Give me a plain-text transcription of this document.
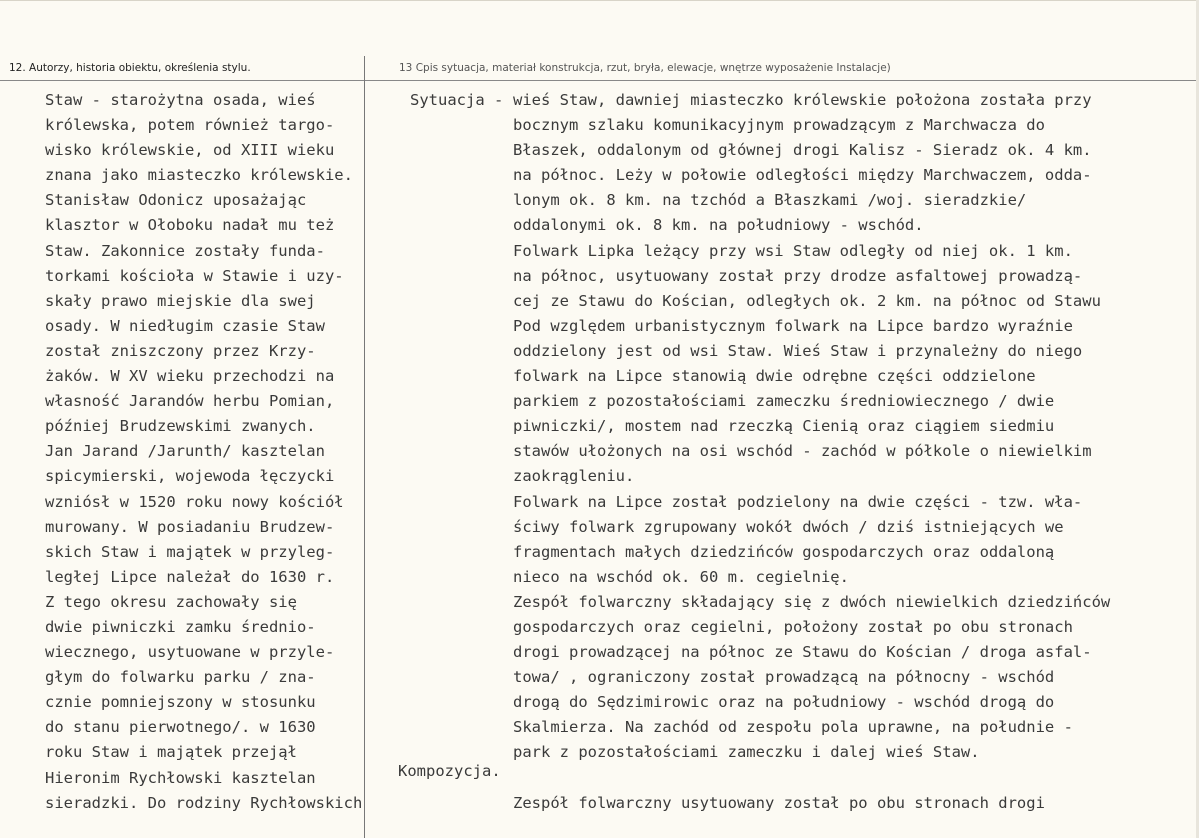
12. Autorzy, historia obiektu, określenia stylu.	13 Cpis sytuacja, materiał konstrukcja, rzut, bryła, elewacje, wnętrze wyposażenie Instalacje)
Staw - starożytna osada, wieś
królewska, potem również targo-
wisko królewskie, od XIII wieku
znana jako miasteczko królewskie.
Stanisław Odonicz uposażając
klasztor w Ołoboku nadał mu też
Staw. Zakonnice zostały funda-
torkami kościoła w Stawie i uzy-
skały prawo miejskie dla swej
osady. W niedługim czasie Staw
został zniszczony przez Krzy-
żaków. W XV wieku przechodzi na
własność Jarandów herbu Pomian,
później Brudzewskimi zwanych.
Jan Jarand /Jarunth/ kasztelan
spicymierski, wojewoda łęczycki
wzniósł w 1520 roku nowy kościół
murowany. W posiadaniu Brudzew-
skich Staw i majątek w przyleg-
ległej Lipce należał do 1630 r.
Z tego okresu zachowały się
dwie piwniczki zamku średnio-
wiecznego, usytuowane w przyle-
głym do folwarku parku / zna-
cznie pomniejszony w stosunku
do stanu pierwotnego/. w 1630
roku Staw i majątek przejął
Hieronim Rychłowski kasztelan
sieradzki. Do rodziny Rychłowskich
Sytuacja -
Kompozycja.
wieś Staw, dawniej miasteczko królewskie położona została przy
bocznym szlaku komunikacyjnym prowadzącym z Marchwacza do
Błaszek, oddalonym od głównej drogi Kalisz - Sieradz ok. 4 km.
na północ. Leży w połowie odległości między Marchwaczem, odda-
lonym ok. 8 km. na tzchód a Błaszkami /woj. sieradzkie/
oddalonymi ok. 8 km. na południowy - wschód.
Folwark Lipka leżący przy wsi Staw odległy od niej ok. 1 km.
na północ, usytuowany został przy drodze asfaltowej prowadzą-
cej ze Stawu do Kościan, odległych ok. 2 km. na północ od Stawu
Pod względem urbanistycznym folwark na Lipce bardzo wyraźnie
oddzielony jest od wsi Staw. Wieś Staw i przynależny do niego
folwark na Lipce stanowią dwie odrębne części oddzielone
parkiem z pozostałościami zameczku średniowiecznego / dwie
piwniczki/, mostem nad rzeczką Cienią oraz ciągiem siedmiu
stawów ułożonych na osi wschód - zachód w półkole o niewielkim
zaokrągleniu.
Folwark na Lipce został podzielony na dwie części - tzw. wła-
ściwy folwark zgrupowany wokół dwóch / dziś istniejących we
fragmentach małych dziedzińców gospodarczych oraz oddaloną
nieco na wschód ok. 60 m. cegielnię.
Zespół folwarczny składający się z dwóch niewielkich dziedzińców
gospodarczych oraz cegielni, położony został po obu stronach
drogi prowadzącej na północ ze Stawu do Kościan / droga asfal-
towa/ , ograniczony został prowadzącą na północny - wschód
drogą do Sędzimirowic oraz na południowy - wschód drogą do
Skalmierza. Na zachód od zespołu pola uprawne, na południe -
park z pozostałościami zameczku i dalej wieś Staw.
Zespół folwarczny usytuowany został po obu stronach drogi
